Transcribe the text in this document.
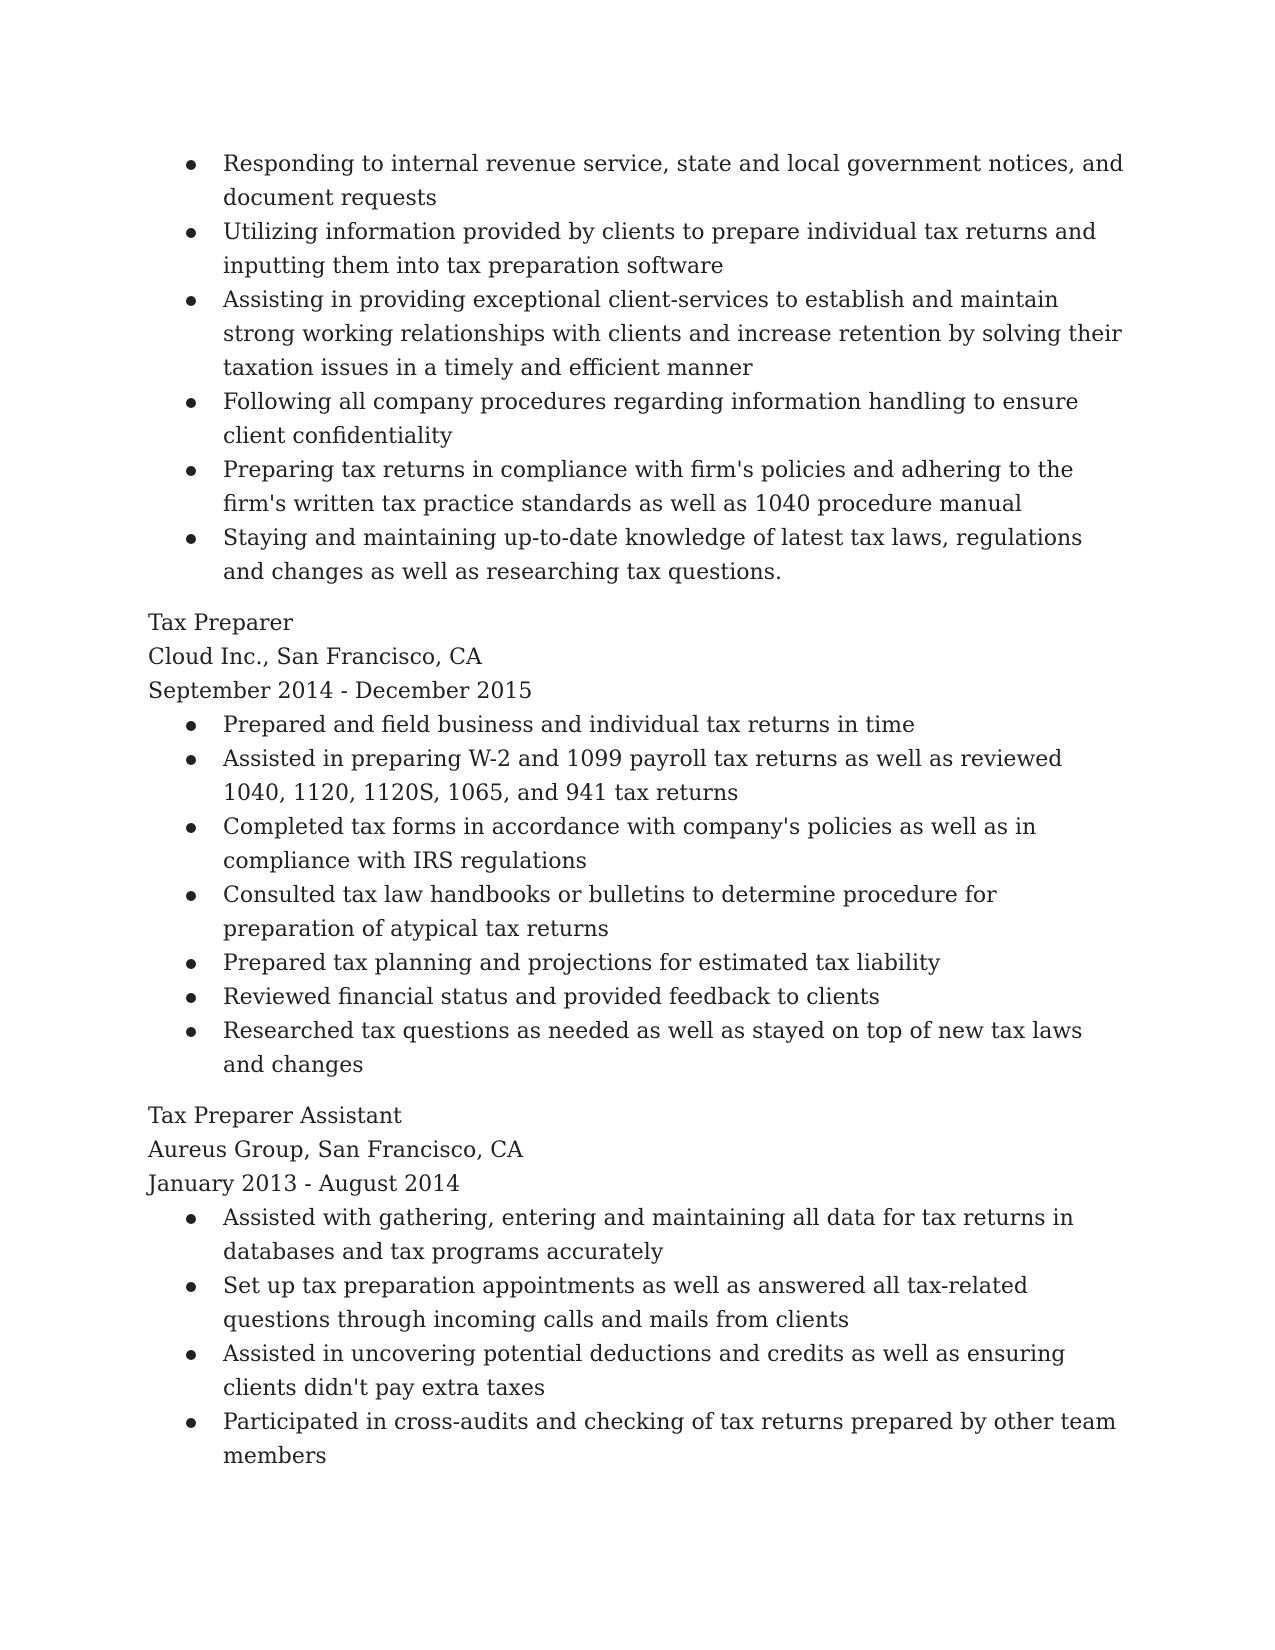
Responding to internal revenue service, state and local government notices, and document requests
Utilizing information provided by clients to prepare individual tax returns and inputting them into tax preparation software
Assisting in providing exceptional client-services to establish and maintain strong working relationships with clients and increase retention by solving their taxation issues in a timely and efficient manner
Following all company procedures regarding information handling to ensure client confidentiality
Preparing tax returns in compliance with firm's policies and adhering to the firm's written tax practice standards as well as 1040 procedure manual
Staying and maintaining up-to-date knowledge of latest tax laws, regulations and changes as well as researching tax questions.

Tax Preparer

Cloud Inc., San Francisco, CA

September 2014 - December 2015

Prepared and field business and individual tax returns in time
Assisted in preparing W-2 and 1099 payroll tax returns as well as reviewed 1040, 1120, 1120S, 1065, and 941 tax returns
Completed tax forms in accordance with company's policies as well as in compliance with IRS regulations
Consulted tax law handbooks or bulletins to determine procedure for preparation of atypical tax returns
Prepared tax planning and projections for estimated tax liability
Reviewed financial status and provided feedback to clients
Researched tax questions as needed as well as stayed on top of new tax laws and changes

Tax Preparer Assistant

Aureus Group, San Francisco, CA

January 2013 - August 2014

Assisted with gathering, entering and maintaining all data for tax returns in databases and tax programs accurately
Set up tax preparation appointments as well as answered all tax-related questions through incoming calls and mails from clients
Assisted in uncovering potential deductions and credits as well as ensuring clients didn't pay extra taxes
Participated in cross-audits and checking of tax returns prepared by other team members
